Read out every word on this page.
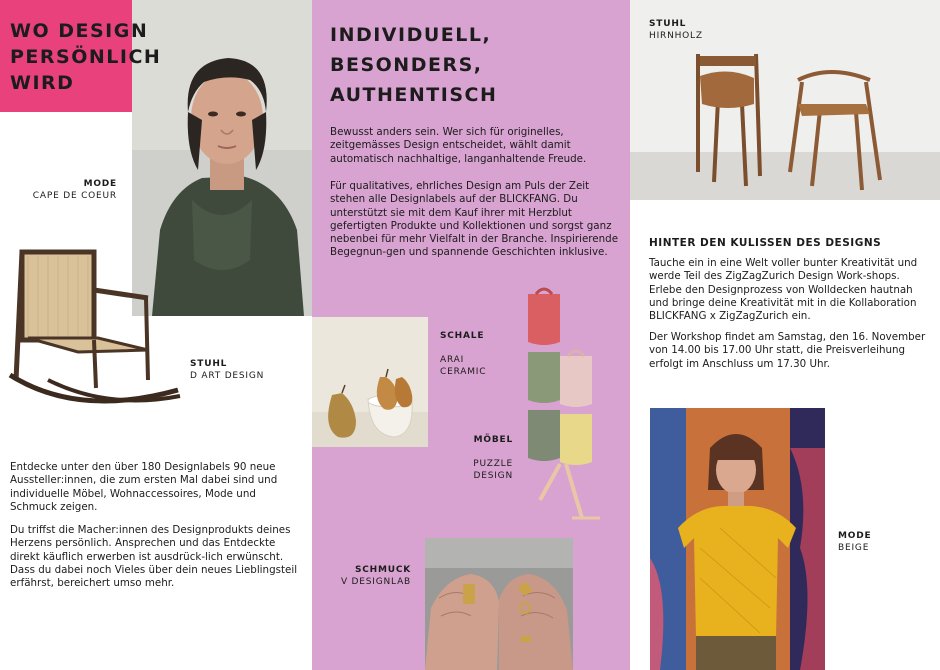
WO DESIGN
PERSÖNLICH
WIRD
MODE
CAPE DE COEUR
STUHL
D ART DESIGN
Entdecke unter den über 180 Designlabels 90 neue Aussteller:innen, die zum ersten Mal dabei sind und individuelle Möbel, Wohnaccessoires, Mode und Schmuck zeigen.
Du triffst die Macher:innen des Designprodukts deines Herzens persönlich. Ansprechen und das Entdeckte direkt käuflich erwerben ist ausdrück-lich erwünscht. Dass du dabei noch Vieles über dein neues Lieblingsteil erfährst, bereichert umso mehr.
INDIVIDUELL,
BESONDERS,
AUTHENTISCH
Bewusst anders sein. Wer sich für originelles, zeitgemässes Design entscheidet, wählt damit automatisch nachhaltige, langanhaltende Freude.
Für qualitatives, ehrliches Design am Puls der Zeit stehen alle Designlabels auf der BLICKFANG. Du unterstützt sie mit dem Kauf ihrer mit Herzblut gefertigten Produkte und Kollektionen und sorgst ganz nebenbei für mehr Vielfalt in der Branche. Inspirierende Begegnun-gen und spannende Geschichten inklusive.

SCHALE

ARAI
CERAMIC

MÖBEL

PUZZLE
DESIGN

SCHMUCK
V DESIGNLAB
STUHL
HIRNHOLZ
HINTER DEN KULISSEN DES DESIGNS
Tauche ein in eine Welt voller bunter Kreativität und werde Teil des ZigZagZurich Design Work-shops. Erlebe den Designprozess von Wolldecken hautnah und bringe deine Kreativität mit in die Kollaboration BLICKFANG x ZigZagZurich ein.
Der Workshop findet am Samstag, den 16. November von 14.00 bis 17.00 Uhr statt, die Preisverleihung erfolgt im Anschluss um 17.30 Uhr.
MODE
BEIGE
